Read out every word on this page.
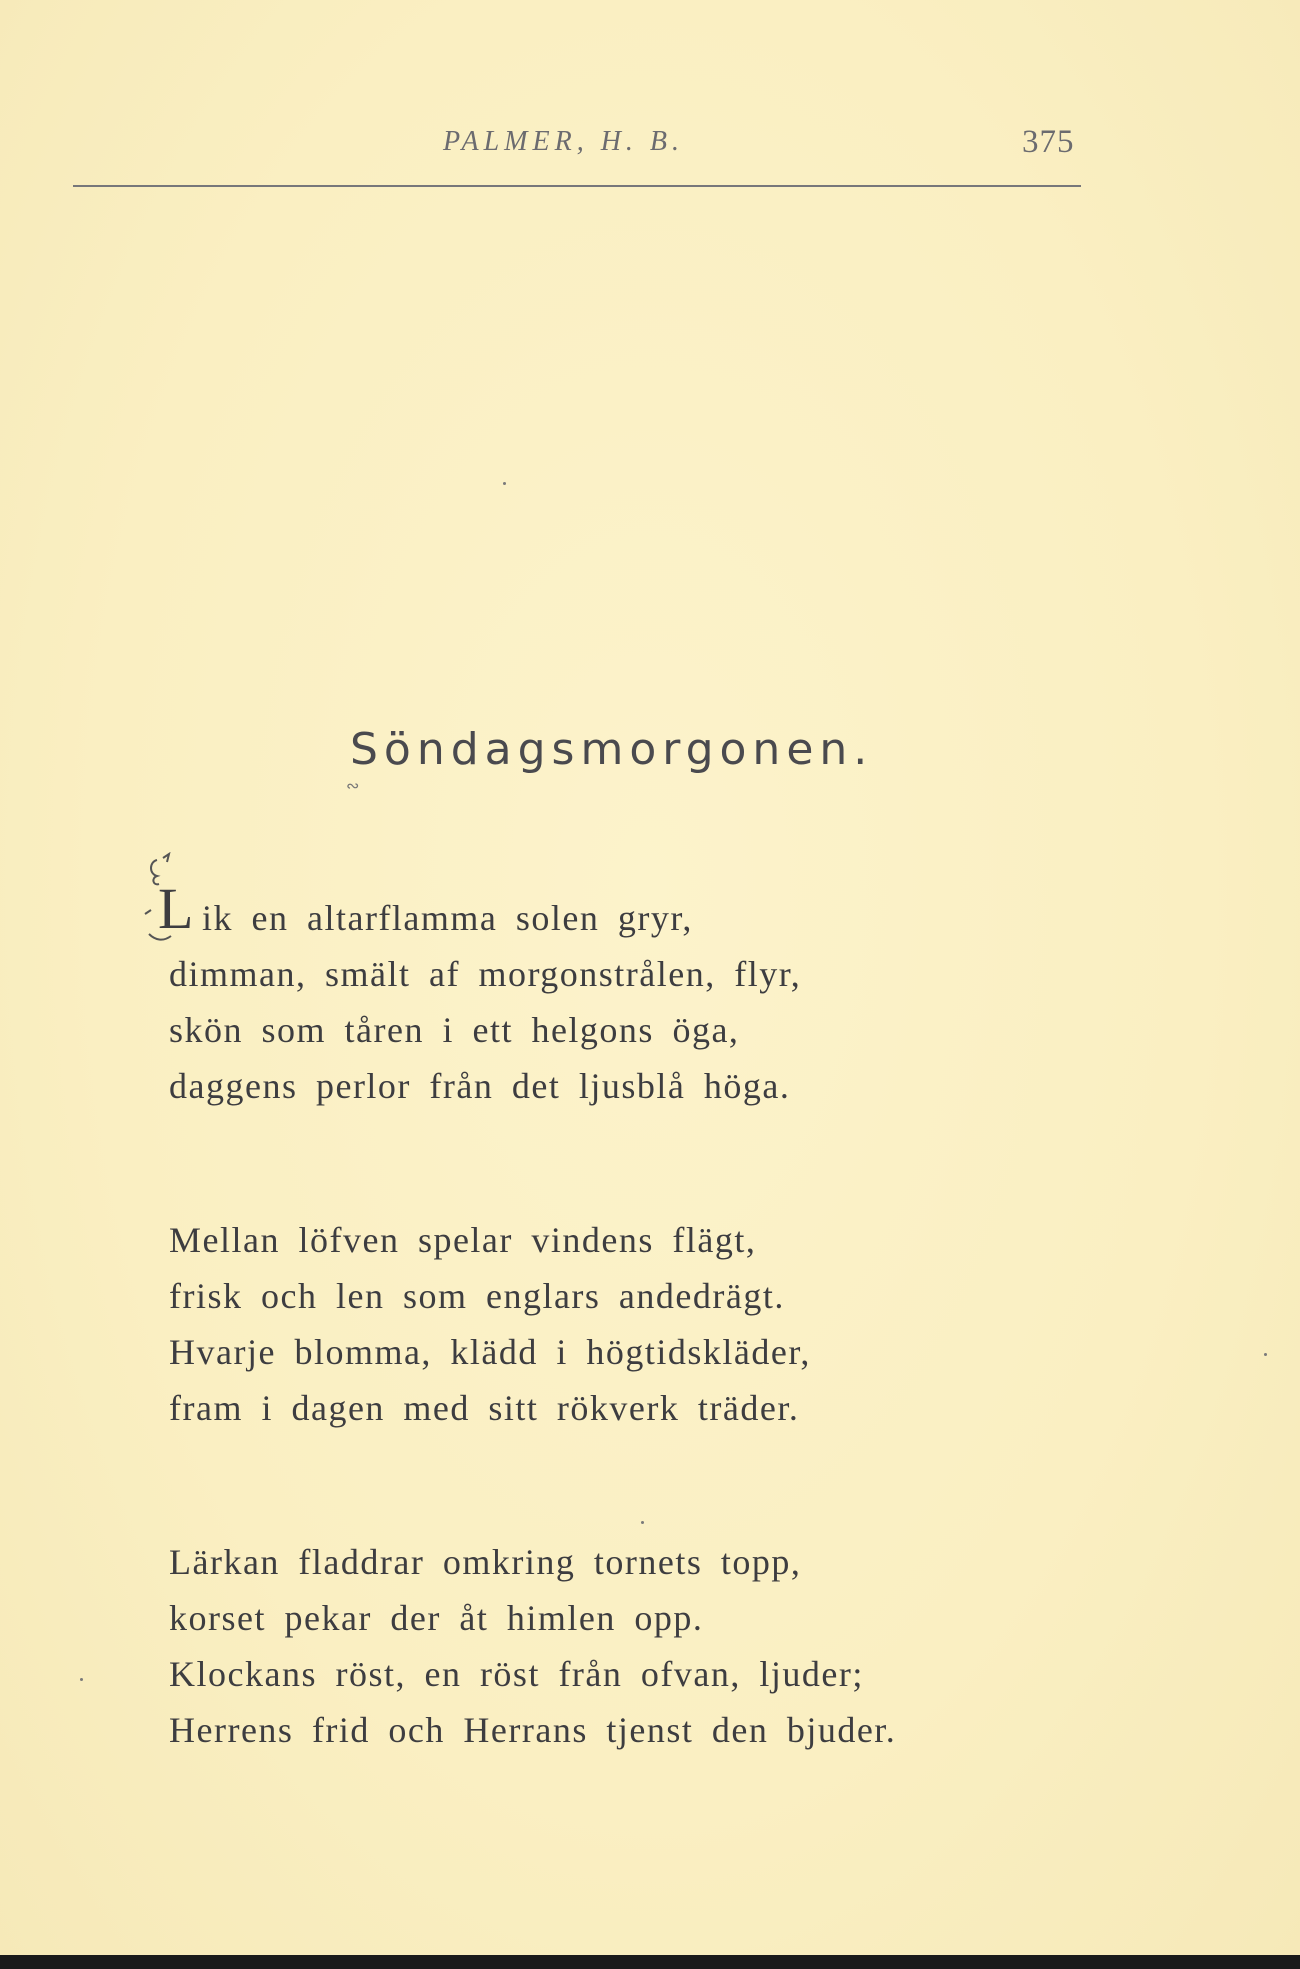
PALMER, H. B.	375
Söndagsmorgonen.
∾
L ik en altarflamma solen gryr,
dimman, smält af morgonstrålen, flyr,
skön som tåren i ett helgons öga,
daggens perlor från det ljusblå höga.
Mellan löfven spelar vindens flägt,
frisk och len som englars andedrägt.
Hvarje blomma, klädd i högtidskläder,
fram i dagen med sitt rökverk träder.
Lärkan fladdrar omkring tornets topp,
korset pekar der åt himlen opp.
Klockans röst, en röst från ofvan, ljuder;
Herrens frid och Herrans tjenst den bjuder.
